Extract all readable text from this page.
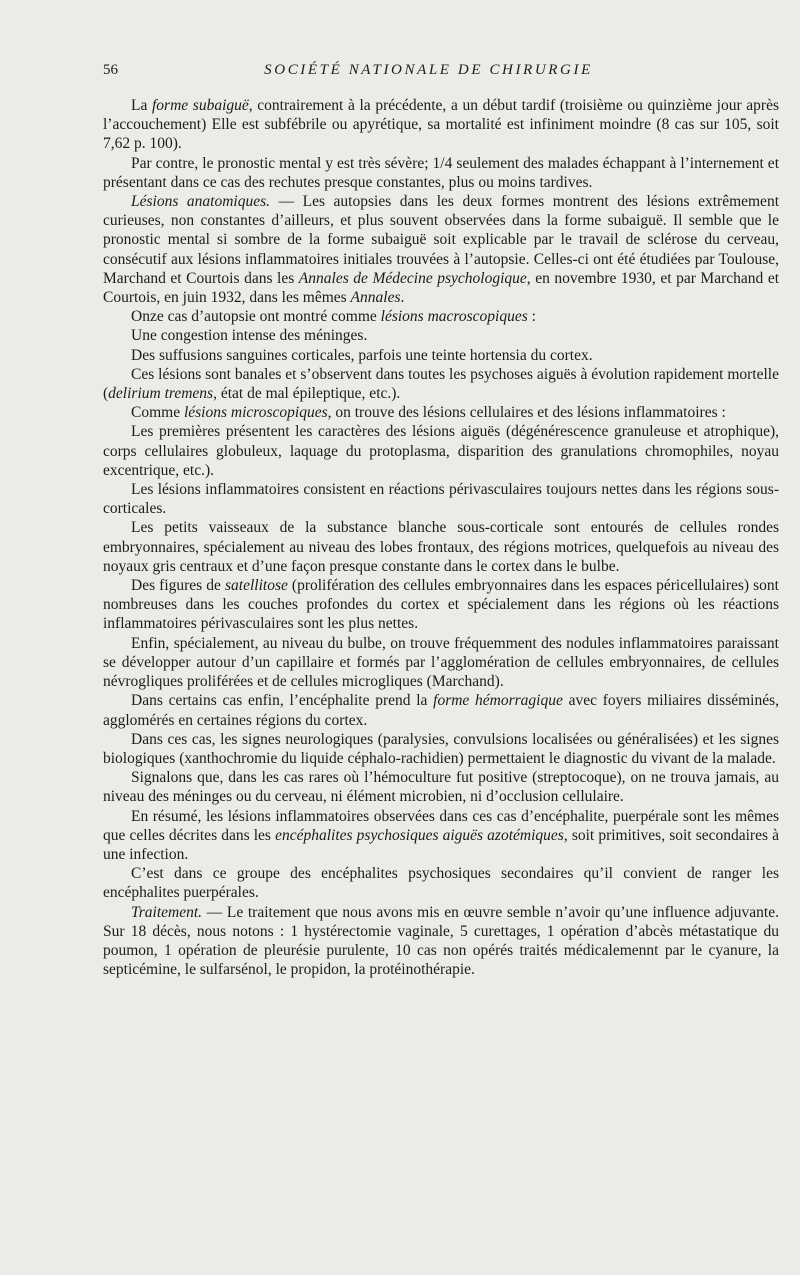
56	SOCIÉTÉ NATIONALE DE CHIRURGIE

La forme subaiguë, contrairement à la précédente, a un début tardif (troisième ou quinzième jour après l’accouchement) Elle est subfébrile ou apyrétique, sa mortalité est infiniment moindre (8 cas sur 105, soit 7,62 p. 100).

Par contre, le pronostic mental y est très sévère; 1/4 seulement des malades échappant à l’internement et présentant dans ce cas des rechutes presque constantes, plus ou moins tardives.

Lésions anatomiques. — Les autopsies dans les deux formes montrent des lésions extrêmement curieuses, non constantes d’ailleurs, et plus souvent observées dans la forme subaiguë. Il semble que le pronostic mental si sombre de la forme subaiguë soit explicable par le travail de sclérose du cerveau, consécutif aux lésions inflammatoires initiales trouvées à l’autopsie. Celles-ci ont été étudiées par Toulouse, Marchand et Courtois dans les Annales de Médecine psychologique, en novembre 1930, et par Marchand et Courtois, en juin 1932, dans les mêmes Annales.

Onze cas d’autopsie ont montré comme lésions macroscopiques :

Une congestion intense des méninges.

Des suffusions sanguines corticales, parfois une teinte hortensia du cortex.

Ces lésions sont banales et s’observent dans toutes les psychoses aiguës à évolution rapidement mortelle (delirium tremens, état de mal épileptique, etc.).

Comme lésions microscopiques, on trouve des lésions cellulaires et des lésions inflammatoires :

Les premières présentent les caractères des lésions aiguës (dégénérescence granuleuse et atrophique), corps cellulaires globuleux, laquage du protoplasma, disparition des granulations chromophiles, noyau excentrique, etc.).

Les lésions inflammatoires consistent en réactions périvasculaires toujours nettes dans les régions sous-corticales.

Les petits vaisseaux de la substance blanche sous-corticale sont entourés de cellules rondes embryonnaires, spécialement au niveau des lobes frontaux, des régions motrices, quelquefois au niveau des noyaux gris centraux et d’une façon presque constante dans le cortex dans le bulbe.

Des figures de satellitose (prolifération des cellules embryonnaires dans les espaces péricellulaires) sont nombreuses dans les couches profondes du cortex et spécialement dans les régions où les réactions inflammatoires périvasculaires sont les plus nettes.

Enfin, spécialement, au niveau du bulbe, on trouve fréquemment des nodules inflammatoires paraissant se développer autour d’un capillaire et formés par l’agglomération de cellules embryonnaires, de cellules névrogliques proliférées et de cellules microgliques (Marchand).

Dans certains cas enfin, l’encéphalite prend la forme hémorragique avec foyers miliaires disséminés, agglomérés en certaines régions du cortex.

Dans ces cas, les signes neurologiques (paralysies, convulsions localisées ou généralisées) et les signes biologiques (xanthochromie du liquide céphalo-rachidien) permettaient le diagnostic du vivant de la malade.

Signalons que, dans les cas rares où l’hémoculture fut positive (streptocoque), on ne trouva jamais, au niveau des méninges ou du cerveau, ni élément microbien, ni d’occlusion cellulaire.

En résumé, les lésions inflammatoires observées dans ces cas d’encéphalite, puerpérale sont les mêmes que celles décrites dans les encéphalites psychosiques aiguës azotémiques, soit primitives, soit secondaires à une infection.

C’est dans ce groupe des encéphalites psychosiques secondaires qu’il convient de ranger les encéphalites puerpérales.

Traitement. — Le traitement que nous avons mis en œuvre semble n’avoir qu’une influence adjuvante. Sur 18 décès, nous notons : 1 hystérectomie vaginale, 5 curettages, 1 opération d’abcès métastatique du poumon, 1 opération de pleurésie purulente, 10 cas non opérés traités médicalemennt par le cyanure, la septicémine, le sulfarsénol, le propidon, la protéinothérapie.
